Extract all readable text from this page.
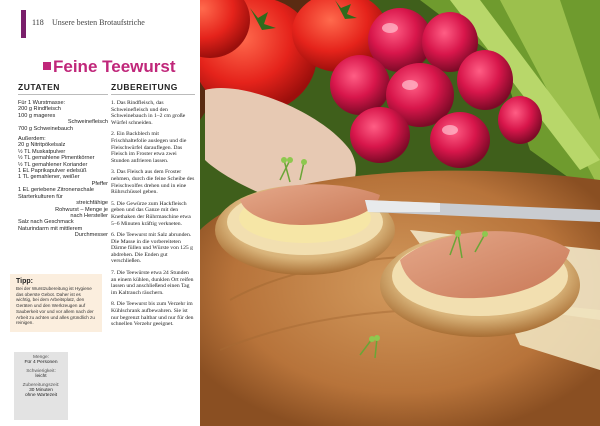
118 Unsere besten Brotaufstriche
Feine Teewurst
ZUTATEN
Für 1 Wurstmasse:
200 g Rindfleisch
100 g mageres
Schweinefleisch
700 g Schweinebauch
Außerdem:
20 g Nitritpökelsalz
½ TL Muskatpulver
½ TL gemahlene Pimentkörner
½ TL gemahlener Koriander
1 EL Paprikapulver edelsüß
1 TL gemahlener, weißer
Pfeffer
1 EL geriebene Zitronenschale
Starterkulturen für
streichfähige
Rohwurst – Menge je
nach Hersteller
Salz nach Geschmack
Naturindarm mit mittlerem
Durchmesser
ZUBEREITUNG

1. Das Rindfleisch, das Schweinefleisch und den Schweinebauch in 1–2 cm große Würfel schneiden.

2. Ein Backblech mit Frischhaltefolie auslegen und die Fleischwürfel darauflegen. Das Fleisch im Froster etwa zwei Stunden anfrieren lassen.

3. Das Fleisch aus dem Froster nehmen, durch die feine Scheibe des Fleischwolfes drehen und in eine Rührschüssel geben.

5. Die Gewürze zum Hackfleisch geben und das Ganze mit den Knethaken der Rührmaschine etwa 5–6 Minuten kräftig verkneten.

6. Die Teewurst mit Salz abrunden. Die Masse in die vorbereiteten Därme füllen und Würste von 125 g abdrehen. Die Enden gut verschließen.

7. Die Teewürste etwa 24 Stunden an einem kühlen, dunklen Ort reifen lassen und anschließend einen Tag im Kaltrauch räuchern.

8. Die Teewurst bis zum Verzehr im Kühlschrank aufbewahren. Sie ist nur begrenzt haltbar und nur für den schnellen Verzehr geeignet.

Tipp:
Bei der Wurstzubereitung ist Hygiene das oberste Gebot. Daher ist es wichtig, bei dem Arbeitsplatz, den Geräten und den Werkzeugen auf Sauberkeit vor und vor allem nach der Arbeit zu achten und alles gründlich zu reinigen.
Menge:
Für 4 Personen
Schwierigkeit:
leicht
Zubereitungszeit:
30 Minuten
ohne Wartezeit
